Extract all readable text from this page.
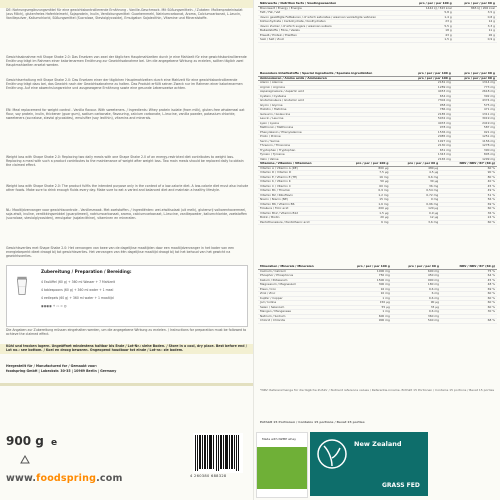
DE: Nahrungsergänzungsmittel für eine gewichtskontrollierende Ernährung - Vanille-Geschmack. Mit Süßungsmitteln. / Zutaten: Molkenproteinisolat (aus Milch), glutenfreies Haferkleimehl, Sojaprotein, Inulin, Verdickungsmittel: Guarkernmehl, Natriumcarbonat, Aroma, Calciumcarbonat, L-Leucin, Vanillepulver, Kaliumchlorid, Süßungsmittel (Sucralose, Steviolglycoside), Emulgator: Sojalecithin, Vitamine und Mineralstoffe.
Gewichtsabnahme mit Shape Shake 2.0: Das Ersetzen von zwei der täglichen Hauptmahlzeiten durch je eine Mahlzeit für eine gewichtskontrollierende Ernährung trägt im Rahmen einer kalorienarmen Ernährung zur Gewichtsabnahme bei. Um die angegebene Wirkung zu erzielen, sollten täglich zwei Hauptmahlzeiten ersetzt werden.
Gewichtserhaltung mit Shape Shake 2.0: Das Ersetzen einer der täglichen Hauptmahlzeiten durch eine Mahlzeit für eine gewichtskontrollierende Ernährung trägt dazu bei, das Gewicht nach der Gewichtsabnahme zu halten. Das Produkt erfüllt seinen Zweck nur im Rahmen einer kalorienarmen Ernährung. Auf eine abwechslungsreiche und ausgewogene Ernährung sowie eine gesunde Lebensweise achten.
EN: Meal replacement for weight control - Vanilla flavour. With sweeteners. / Ingredients: Whey protein isolate (from milk), gluten-free wholemeal oat flour, soy protein, inulin, thickener (guar gum), sodium carbonate, flavouring, calcium carbonate, L-leucine, vanilla powder, potassium chloride, sweeteners (sucralose, steviol glycosides), emulsifier (soy lecithin), vitamins and minerals.
Weight loss with Shape Shake 2.0: Replacing two daily meals with one Shape Shake 2.0 of an energy-restricted diet contributes to weight loss. Replacing a meal with such a product contributes to the maintenance of weight after weight loss. Two main meals should be replaced daily to obtain the claimed effect.
Weight loss with Shape Shake 2.0: The product fulfils the intended purpose only in the context of a low-calorie diet. A low-calorie diet must also include other foods. Make sure to drink enough fluids every day. Make sure to eat a varied and balanced diet and maintain a healthy lifestyle.
NL: Maaltijdvervanger voor gewichtscontrole - Vanillesmaak. Met zoetstoffen. / Ingrediënten: wei-eiwitisolaat (uit melk), glutenvrij volkorenhavermeel, soja-eiwit, inuline, verdikkingsmiddel (guarpitmeel), natriumcarbonaat, aroma, calciumcarbonaat, L-leucine, vanillepoeder, kaliumchloride, zoetstoffen (sucralose, steviolglycosiden), emulgator (sojalecithine), vitaminen en mineralen.
Gewichtsverlies met Shape Shake 2.0: Het vervangen van twee van de dagelijkse maaltijden door een maaltijdvervanger in het kader van een energiebeperkt dieet draagt bij tot gewichtsverlies. Het vervangen van één dagelijkse maaltijd draagt bij tot het behoud van het gewicht na gewichtsverlies.
Zubereitung / Preparation / Bereiding:
4 Esslöffel (60 g) + 360 ml Wasser + 7 Mahlzeit
4 tablespoons (60 g) + 360 ml water + 1 meal
4 eetlepels (60 g) + 360 ml water + 1 maaltijd
◉◉◉◉ + ▭ = ◎
Die Angaben zur Zubereitung müssen eingehalten werden, um die angegebene Wirkung zu erzielen. / Instructions for preparation must be followed to achieve the claimed effect.
Kühl und trocken lagern. Ungeöffnet mindestens haltbar bis Ende / Lot-Nr.: siehe Boden. / Store in a cool, dry place. Best before end / Lot no.: see bottom. / Koel en droog bewaren. Ongeopend houdbaar tot einde / Lot-nr.: zie bodem.
Hergestellt für / Manufactured for / Gemaakt voor:
foodspring GmbH | Lobeckstr. 30-35 | 10969 Berlin | Germany
900 g e
www.foodspring.com	4 260380 688328
Nährwerte / Nutrition facts / Voedingswaarden	pro / per / per 100 g	pro / per / per 60 g
Brennwert / Energy / Energie	1442 kJ / 343 kcal	865 kJ / 206 kcal
Fett / Fat / Vet	5,8 g	3,5 g
davon gesättigte Fettsäuren / of which saturates / waarvan verzadigde vetzuren	1,4 g	0,8 g
Kohlenhydrate / Carbohydrate / Koolhydraten	23 g	14 g
davon Zucker / of which sugars / waarvan suikers	5,5 g	3,3 g
Ballaststoffe / Fibre / Vezels	18 g	11 g
Eiweiß / Protein / Eiwitten	43 g	26 g
Salz / Salt / Zout	1,5 g	0,9 g
Besondere Inhaltsstoffe / Special ingredients / Speciale ingrediënten	pro / per / per 100 g	pro / per / per 60 g
Aminosäuren / Amino acids / Aminozuren	pro / per / per 100 g	pro / per / per 60 g
Alanin / Alanine	2181 mg	1314 mg
Arginin / Arginine	1289 mg	773 mg
Asparaginsäure / Aspartic acid	4453 mg	2618 mg
Cystein / Cysteine	654 mg	392 mg
Glutaminsäure / Glutamic acid	7304 mg	4374 mg
Glycin / Glycine	958 mg	575 mg
Histidin / Histidine	786 mg	471 mg
Isoleucin / Isoleucine	2185 mg	1311 mg
Leucin / Leucine	5032 mg	3019 mg
Lysin / Lysine	4033 mg	2419 mg
Methionin / Methionine	978 mg	587 mg
Phenylalanin / Phenylalanine	1536 mg	921 mg
Prolin / Proline	2085 mg	1251 mg
Serin / Serine	1927 mg	1156 mg
Threonin / Threonine	2130 mg	1278 mg
Tryptophan / Tryptophan	651 mg	390 mg
Tyrosin / Tyrosine	1343 mg	805 mg
Valin / Valine	2165 mg	1299 mg
Vitamine / Vitamins / Vitaminen	pro / per / per 100 g	pro / per / per 60 g	NRV / NRV / RI* (60 g)
Vitamin A / Vitamin A (RE)	800 µg	480 µg	60 %
Vitamin D / Vitamin D	7,5 µg	4,5 µg	90 %
Vitamin E / Vitamin E (TE)	16 mg	9,6 mg	80 %
Vitamin K / Vitamin K	50 µg	30 µg	40 %
Vitamin C / Vitamin C	60 mg	36 mg	45 %
Vitamin B1 / Thiamin	0,9 mg	0,54 mg	49 %
Vitamin B2 / Riboflavin	1,2 mg	0,72 mg	51 %
Niacin / Niacin (NE)	15 mg	9 mg	56 %
Vitamin B6 / Vitamin B6	1,6 mg	0,96 mg	69 %
Folsäure / Folic acid	200 µg	120 µg	60 %
Vitamin B12 / Vitamin B12	1,5 µg	0,9 µg	36 %
Biotin / Biotin	20 µg	12 µg	24 %
Pantothensäure / Pantothenic acid	6 mg	3,6 mg	60 %
Mineralien / Minerals / Mineralen	pro / per / per 100 g	pro / per / per 60 g	NRV / NRV / RI* (60 g)
Calcium / Calcium	1000 mg	600 mg	75 %
Phosphor / Phosphorus	750 mg	450 mg	64 %
Kalium / Potassium	1500 mg	900 mg	45 %
Magnesium / Magnesium	300 mg	180 mg	48 %
Eisen / Iron	16 mg	9,6 mg	69 %
Zink / Zinc	10 mg	6 mg	60 %
Kupfer / Copper	1 mg	0,6 mg	60 %
Jod / Iodine	150 µg	90 µg	60 %
Selen / Selenium	55 µg	33 µg	60 %
Mangan / Manganese	1 mg	0,6 mg	30 %
Natrium / Sodium	600 mg	360 mg	
Chlorid / Chloride	900 mg	540 mg	68 %
*NRV: Referenzmenge für die tägliche Zufuhr / Nutrient reference values / Referentie-inname. Enthält 15 Portionen / Contains 15 portions / Bevat 15 porties
Enthält 15 Portionen / Contains 15 portions / Bevat 15 porties
Made with NZMP whey
New Zealand
GRASS FED
